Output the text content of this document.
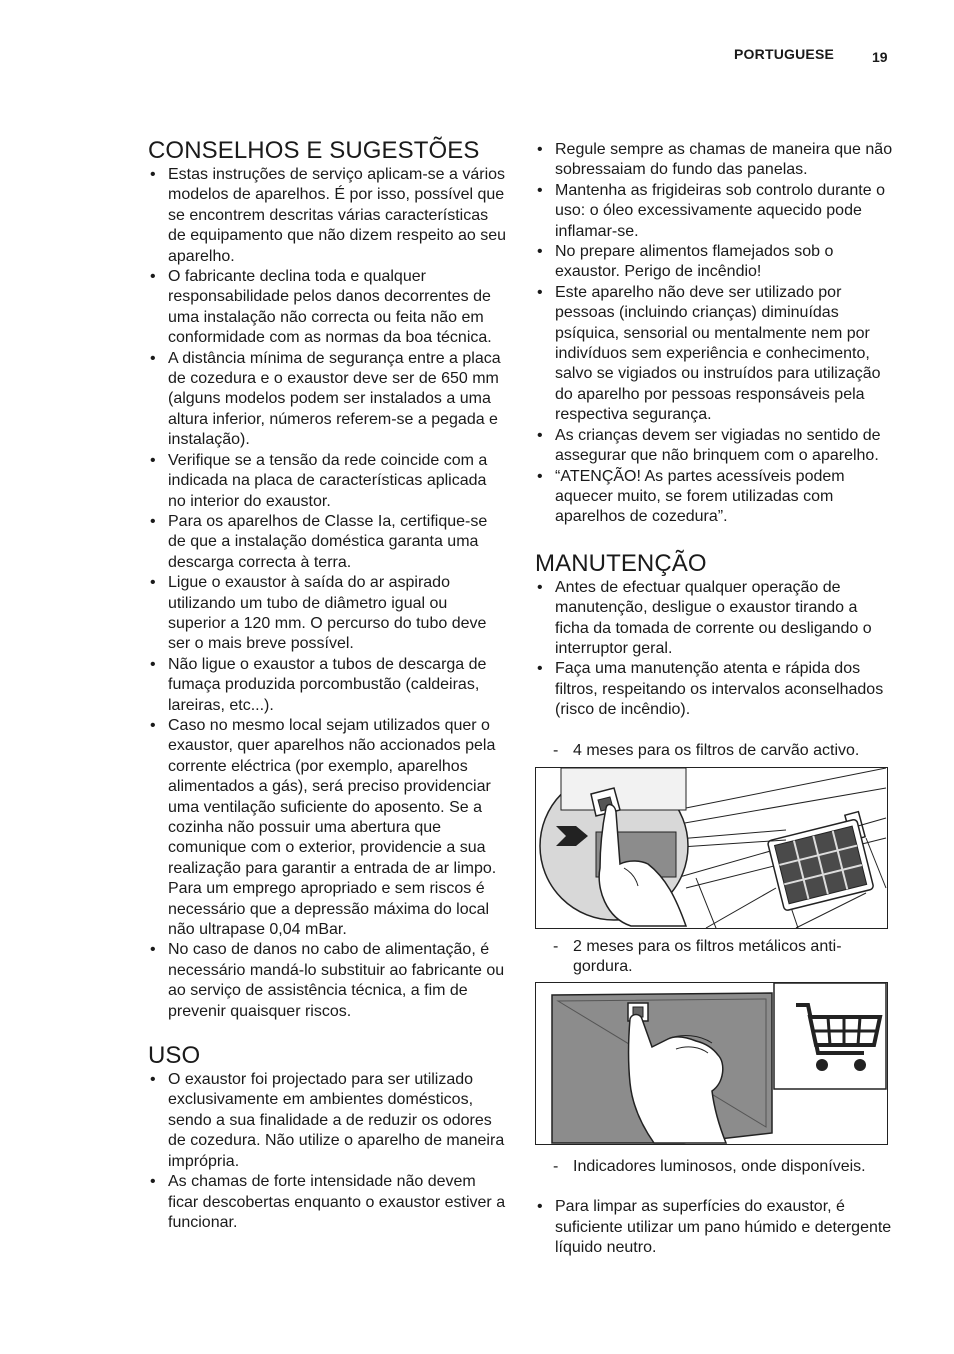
PORTUGUESE	19
CONSELHOS E SUGESTÕES
• Estas instruções de serviço aplicam-se a vários modelos de aparelhos. É por isso, possível que se encontrem descritas várias características de equipamento que não dizem respeito ao seu aparelho.
• O fabricante declina toda e qualquer responsabilidade pelos danos decorrentes de uma instalação não correcta ou feita não em conformidade com as normas da boa técnica.
• A distância mínima de segurança entre a placa de cozedura e o exaustor deve ser de 650 mm (alguns modelos podem ser instalados a uma altura inferior, números referem-se a pegada e instalação).
• Verifique se a tensão da rede coincide com a indicada na placa de características aplicada no interior do exaustor.
• Para os aparelhos de Classe Ia, certifique-se de que a instalação doméstica garanta uma descarga correcta à terra.
• Ligue o exaustor à saída do ar aspirado utilizando um tubo de diâmetro igual ou superior a 120 mm. O percurso do tubo deve ser o mais breve possível.
• Não ligue o exaustor a tubos de descarga de fumaça produzida porcombustão (caldeiras, lareiras, etc...).
• Caso no mesmo local sejam utilizados quer o exaustor, quer aparelhos não accionados pela corrente eléctrica (por exemplo, aparelhos alimentados a gás), será preciso providenciar uma ventilação suficiente do aposento. Se a cozinha não possuir uma abertura que comunique com o exterior, providencie a sua realização para garantir a entrada de ar limpo. Para um emprego apropriado e sem riscos é necessário que a depressão máxima do local não ultrapase 0,04 mBar.
• No caso de danos no cabo de alimentação, é necessário mandá-lo substituir ao fabricante ou ao serviço de assistência técnica, a fim de prevenir quaisquer riscos.
USO
• O exaustor foi projectado para ser utilizado exclusivamente em ambientes domésticos, sendo a sua finalidade a de reduzir os odores de cozedura. Não utilize o aparelho de maneira imprópria.
• As chamas de forte intensidade não devem ficar descobertas enquanto o exaustor estiver a funcionar.
• Regule sempre as chamas de maneira que não sobressaiam do fundo das panelas.
• Mantenha as frigideiras sob controlo durante o uso: o óleo excessivamente aquecido pode inflamar-se.
• No prepare alimentos flamejados sob o exaustor. Perigo de incêndio!
• Este aparelho não deve ser utilizado por pessoas (incluindo crianças) diminuídas psíquica, sensorial ou mentalmente nem por indivíduos sem experiência e conhecimento, salvo se vigiados ou instruídos para utilização do aparelho por pessoas responsáveis pela respectiva segurança.
• As crianças devem ser vigiadas no sentido de assegurar que não brinquem com o aparelho.
• “ATENÇÃO! As partes acessíveis podem aquecer muito, se forem utilizadas com aparelhos de cozedura”.
MANUTENÇÃO
• Antes de efectuar qualquer operação de manutenção, desligue o exaustor tirando a ficha da tomada de corrente ou desligando o interruptor geral.
• Faça uma manutenção atenta e rápida dos filtros, respeitando os intervalos aconselhados (risco de incêndio).
- 4 meses para os filtros de carvão activo.
- 2 meses para os filtros metálicos anti-gordura.
- Indicadores luminosos, onde disponíveis.
• Para limpar as superfícies do exaustor, é suficiente utilizar um pano húmido e detergente líquido neutro.
